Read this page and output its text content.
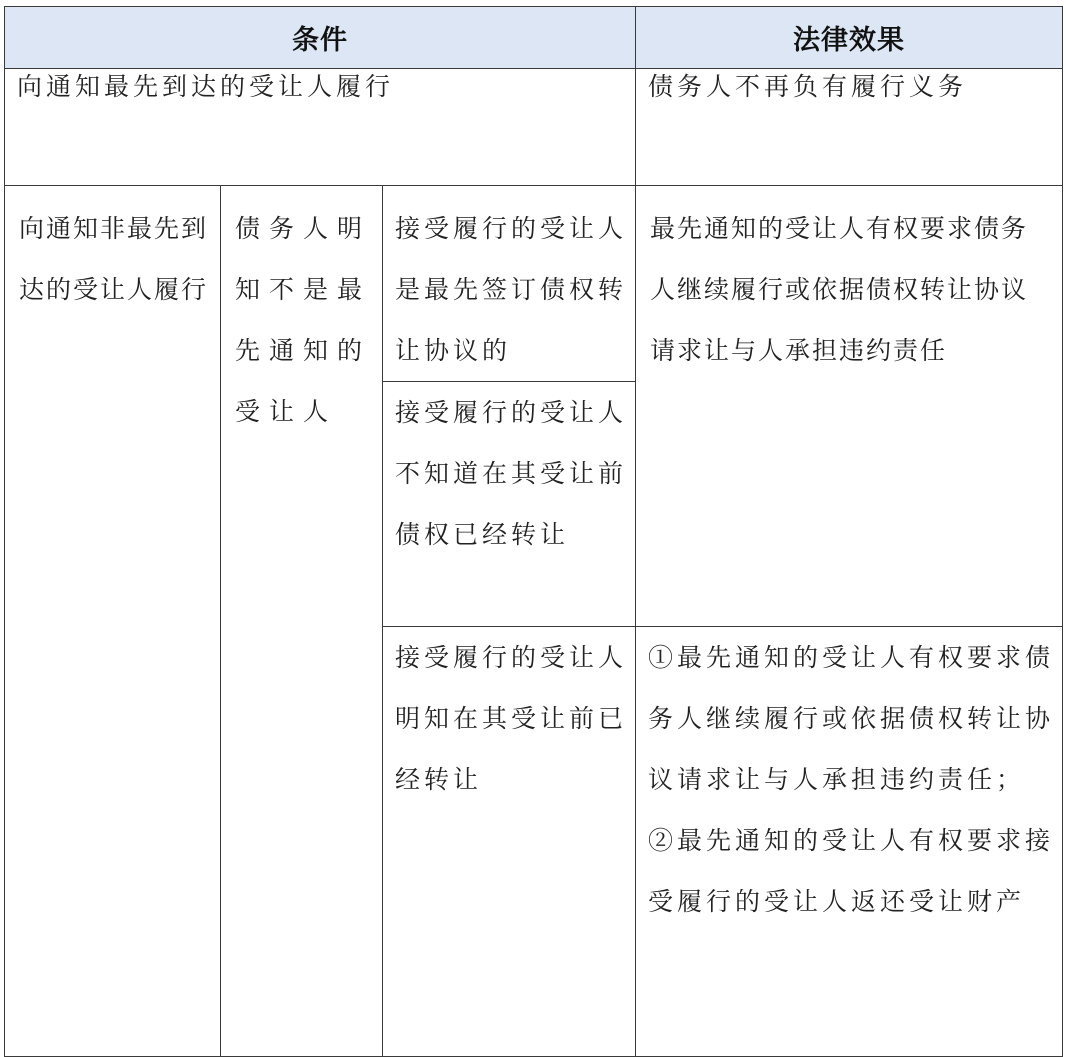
条件			法律效果

向通知最先到达的受让人履行			债务人不再负有履行义务

向通知非最先到达的受让人履行	债务人明知不是最先通知的受让人	接受履行的受让人是最先签订债权转让协议的	最先通知的受让人有权要求债务人继续履行或依据债权转让协议请求让与人承担违约责任

		接受履行的受让人不知道在其受让前债权已经转让	

		接受履行的受让人明知在其受让前已经转让	①最先通知的受让人有权要求债务人继续履行或依据债权转让协议请求让与人承担违约责任；
②最先通知的受让人有权要求接受履行的受让人返还受让财产
